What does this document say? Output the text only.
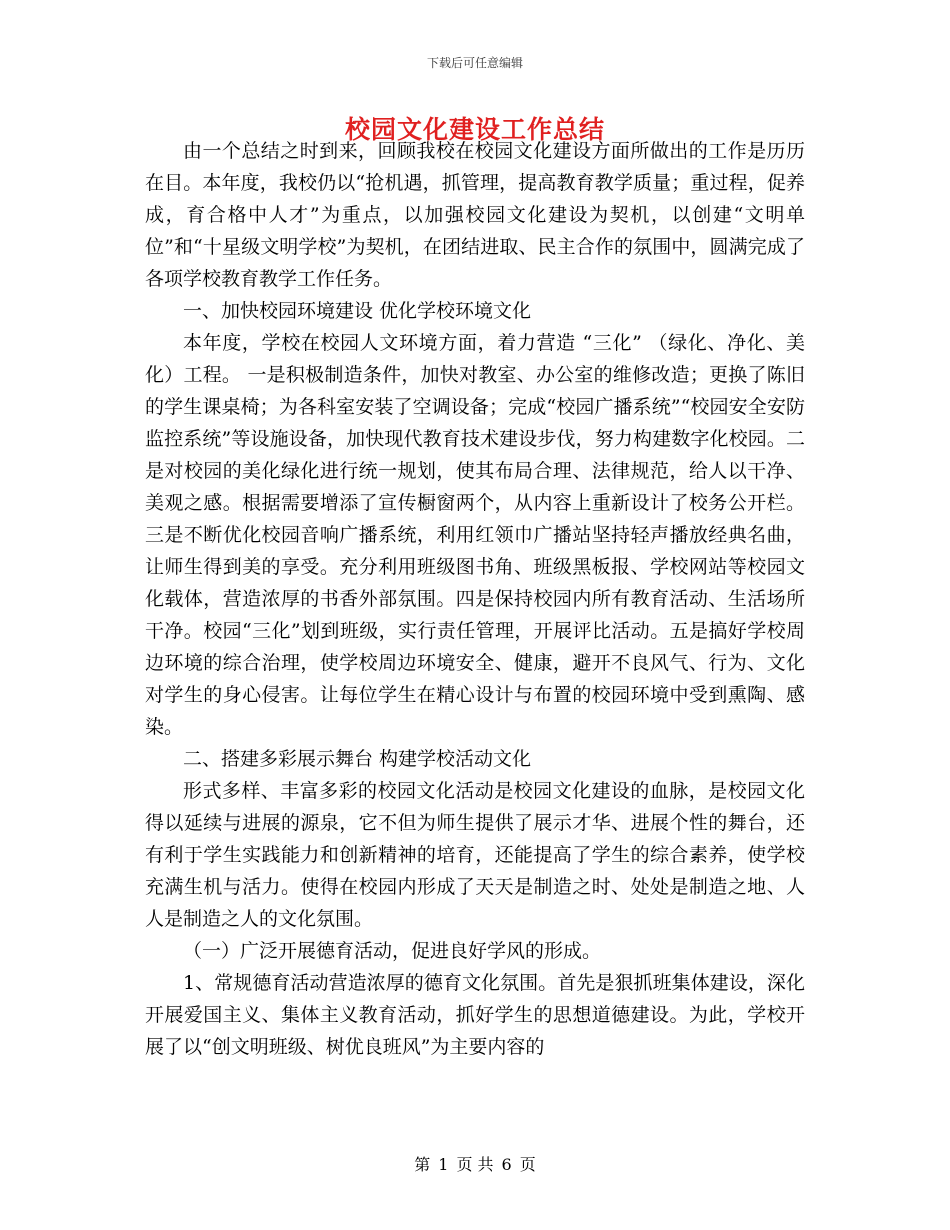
下载后可任意编辑
校园文化建设工作总结

由一个总结之时到来，回顾我校在校园文化建设方面所做出的工作是历历在目。本年度，我校仍以“抢机遇，抓管理，提高教育教学质量；重过程，促养成，育合格中人才”为重点，以加强校园文化建设为契机，以创建“文明单位”和“十星级文明学校”为契机，在团结进取、民主合作的氛围中，圆满完成了各项学校教育教学工作任务。

一、加快校园环境建设 优化学校环境文化

本年度，学校在校园人文环境方面，着力营造 “三化” （绿化、净化、美化）工程。 一是积极制造条件，加快对教室、办公室的维修改造；更换了陈旧的学生课桌椅；为各科室安装了空调设备；完成“校园广播系统”“校园安全安防监控系统”等设施设备，加快现代教育技术建设步伐，努力构建数字化校园。二是对校园的美化绿化进行统一规划，使其布局合理、法律规范，给人以干净、美观之感。根据需要增添了宣传橱窗两个，从内容上重新设计了校务公开栏。 三是不断优化校园音响广播系统，利用红领巾广播站坚持轻声播放经典名曲，让师生得到美的享受。充分利用班级图书角、班级黑板报、学校网站等校园文化载体，营造浓厚的书香外部氛围。四是保持校园内所有教育活动、生活场所干净。校园“三化”划到班级，实行责任管理，开展评比活动。五是搞好学校周边环境的综合治理，使学校周边环境安全、健康，避开不良风气、行为、文化对学生的身心侵害。让每位学生在精心设计与布置的校园环境中受到熏陶、感染。

二、搭建多彩展示舞台 构建学校活动文化

形式多样、丰富多彩的校园文化活动是校园文化建设的血脉，是校园文化得以延续与进展的源泉，它不但为师生提供了展示才华、进展个性的舞台，还有利于学生实践能力和创新精神的培育，还能提高了学生的综合素养，使学校充满生机与活力。使得在校园内形成了天天是制造之时、处处是制造之地、人人是制造之人的文化氛围。

（一）广泛开展德育活动，促进良好学风的形成。

1、常规德育活动营造浓厚的德育文化氛围。首先是狠抓班集体建设，深化开展爱国主义、集体主义教育活动，抓好学生的思想道德建设。为此，学校开展了以“创文明班级、树优良班风”为主要内容的

第 1 页 共 6 页
